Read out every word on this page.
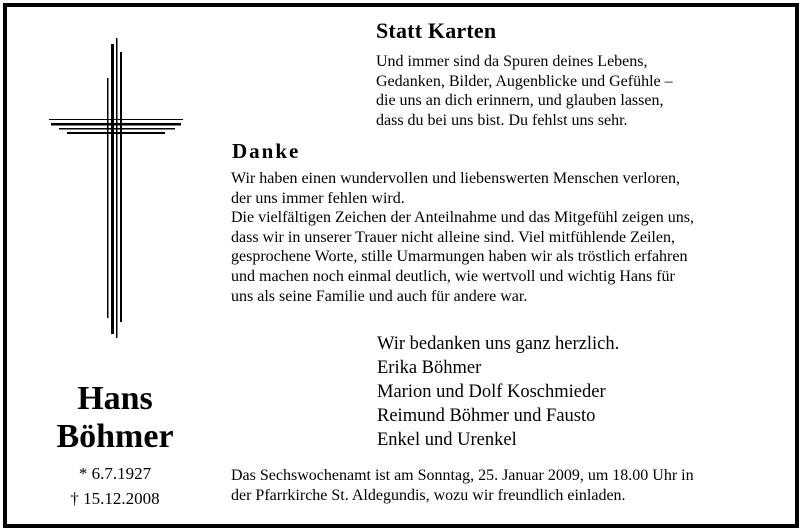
Statt Karten
Und immer sind da Spuren deines Lebens,
Gedanken, Bilder, Augenblicke und Gefühle –
die uns an dich erinnern, und glauben lassen,
dass du bei uns bist. Du fehlst uns sehr.
Danke
Wir haben einen wundervollen und liebenswerten Menschen verloren,
der uns immer fehlen wird.
Die vielfältigen Zeichen der Anteilnahme und das Mitgefühl zeigen uns,
dass wir in unserer Trauer nicht alleine sind. Viel mitfühlende Zeilen,
gesprochene Worte, stille Umarmungen haben wir als tröstlich erfahren
und machen noch einmal deutlich, wie wertvoll und wichtig Hans für
uns als seine Familie und auch für andere war.
Wir bedanken uns ganz herzlich.
Erika Böhmer
Marion und Dolf Koschmieder
Reimund Böhmer und Fausto
Enkel und Urenkel
Hans
Böhmer
* 6.7.1927
† 15.12.2008
Das Sechswochenamt ist am Sonntag, 25. Januar 2009, um 18.00 Uhr in
der Pfarrkirche St. Aldegundis, wozu wir freundlich einladen.
